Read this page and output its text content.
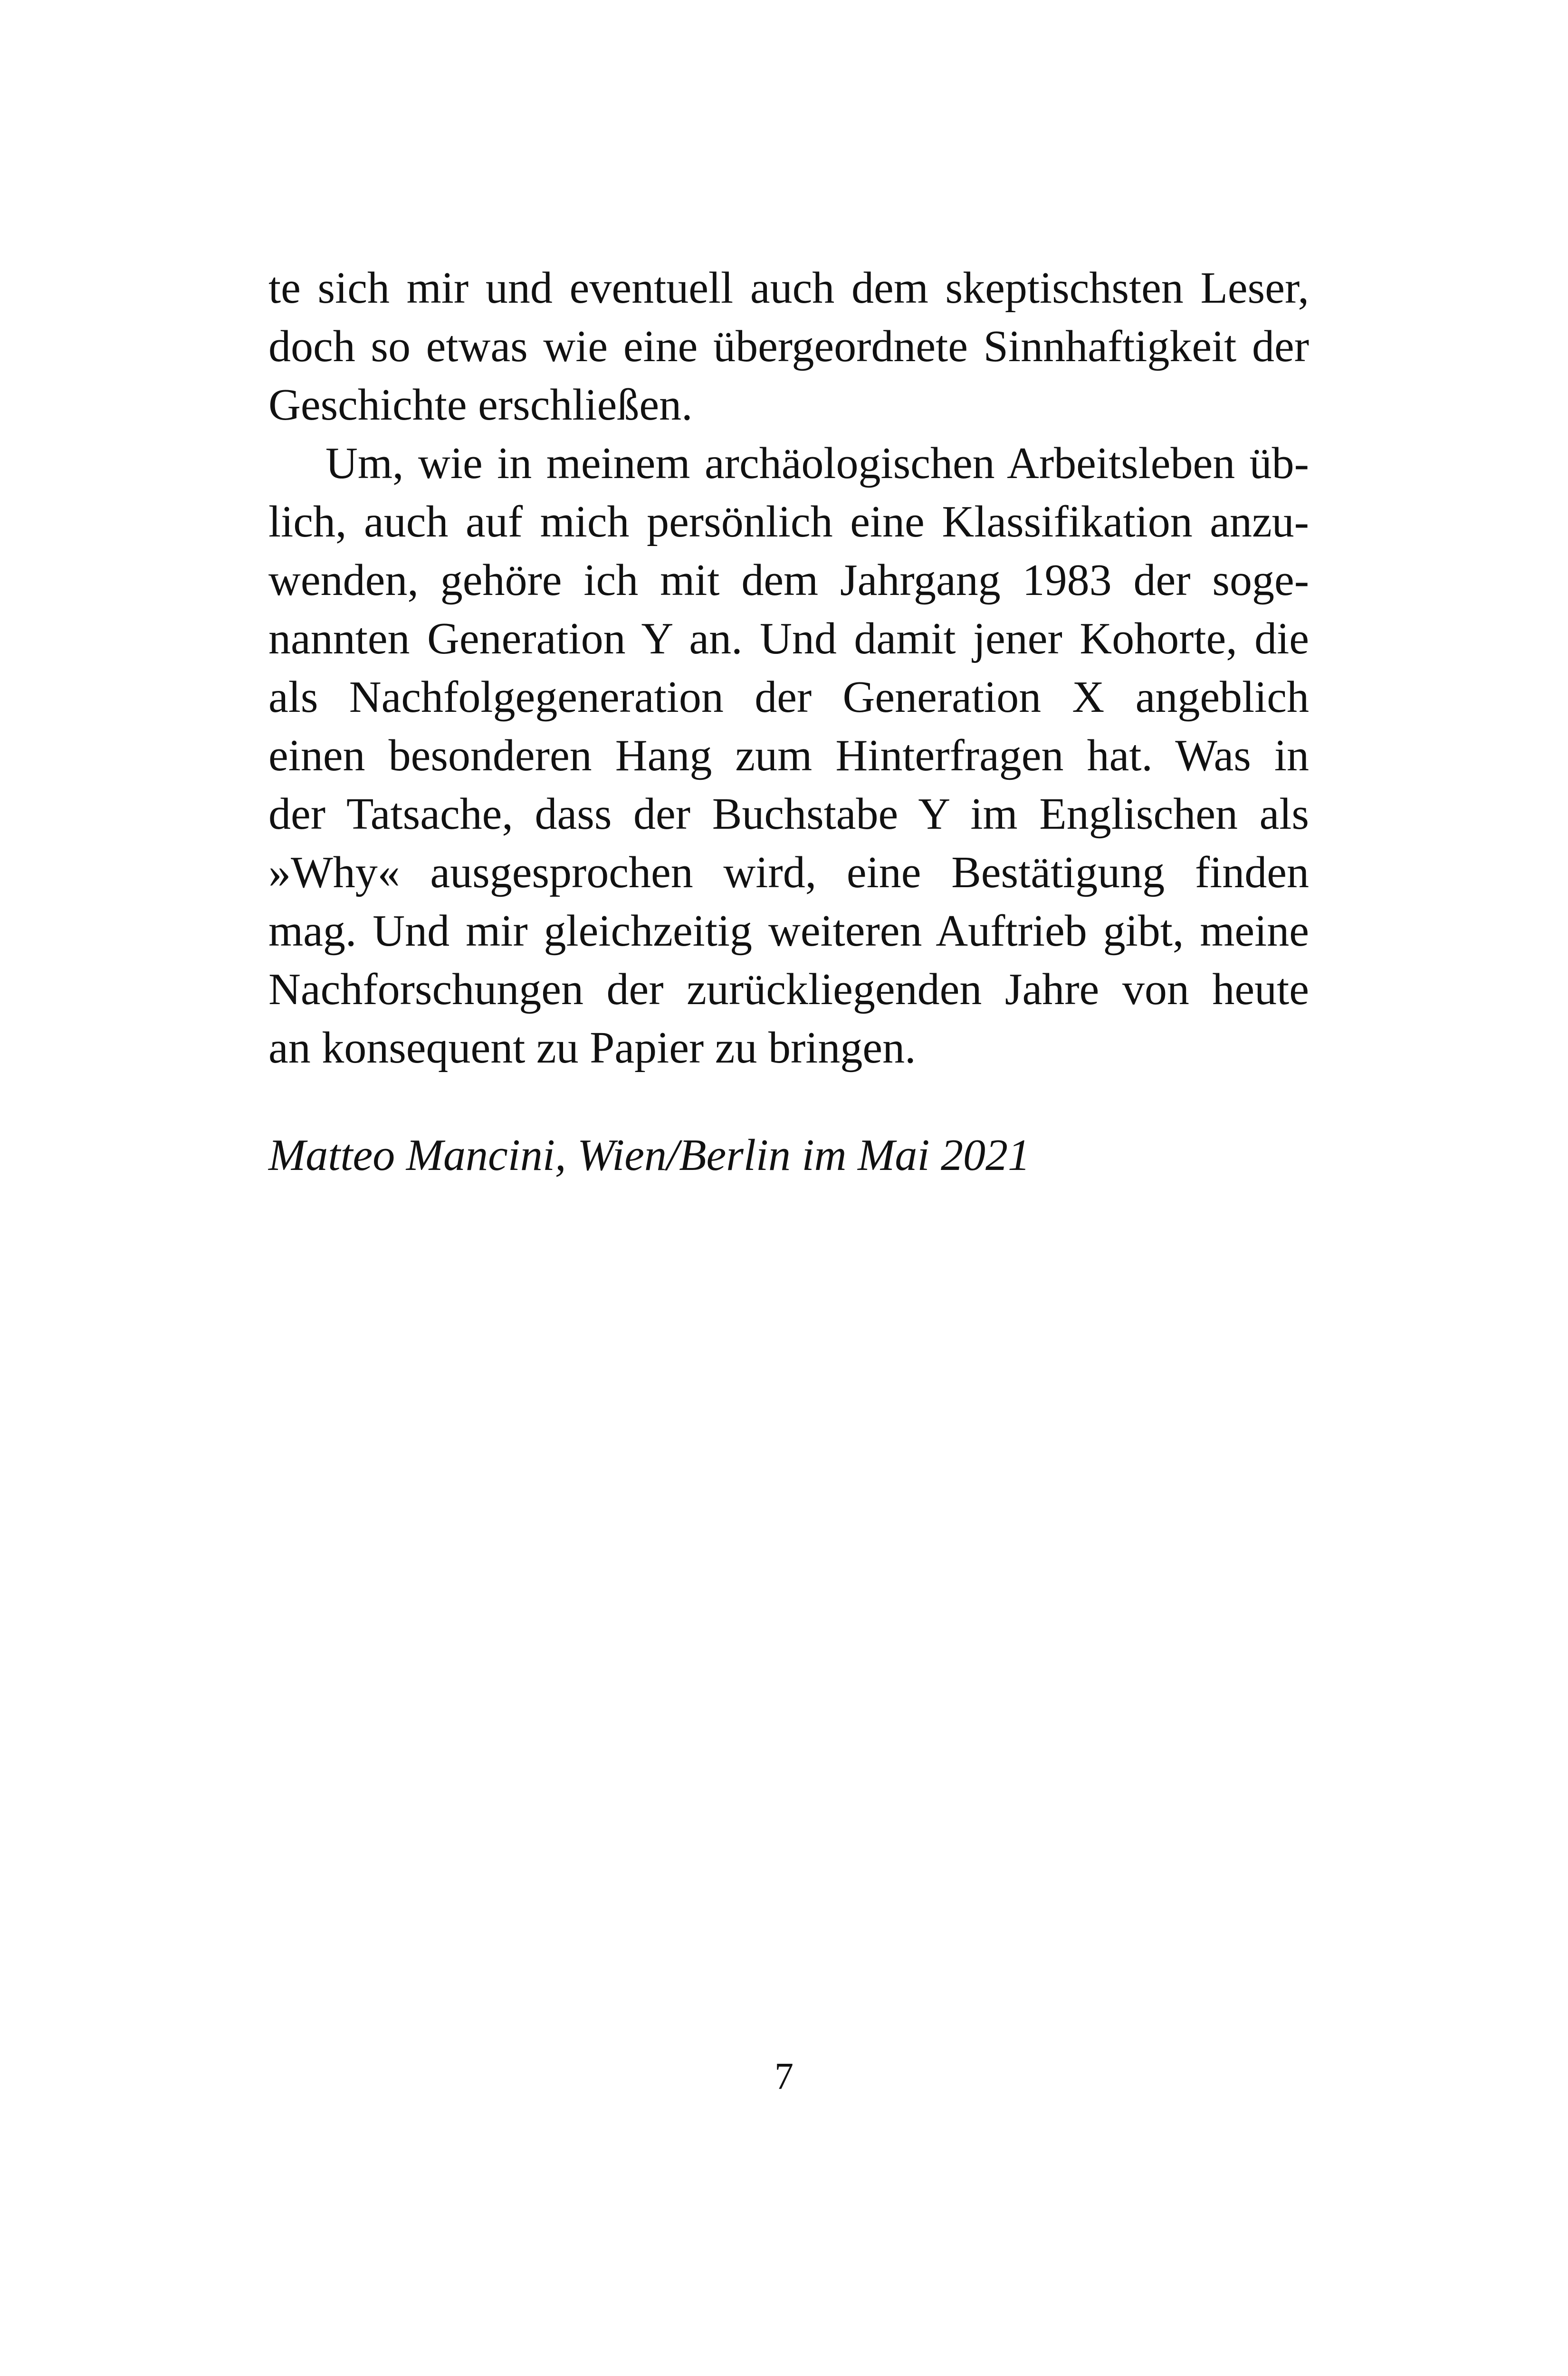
te sich mir und eventuell auch dem skeptischsten Leser,
doch so etwas wie eine übergeordnete Sinnhaftigkeit der
Geschichte erschließen.
Um, wie in meinem archäologischen Arbeitsleben üb-
lich, auch auf mich persönlich eine Klassifikation anzu-
wenden, gehöre ich mit dem Jahrgang 1983 der soge-
nannten Generation Y an. Und damit jener Kohorte, die
als Nachfolgegeneration der Generation X angeblich
einen besonderen Hang zum Hinterfragen hat. Was in
der Tatsache, dass der Buchstabe Y im Englischen als
»Why« ausgesprochen wird, eine Bestätigung finden
mag. Und mir gleichzeitig weiteren Auftrieb gibt, meine
Nachforschungen der zurückliegenden Jahre von heute
an konsequent zu Papier zu bringen.
Matteo Mancini, Wien/Berlin im Mai 2021
7
